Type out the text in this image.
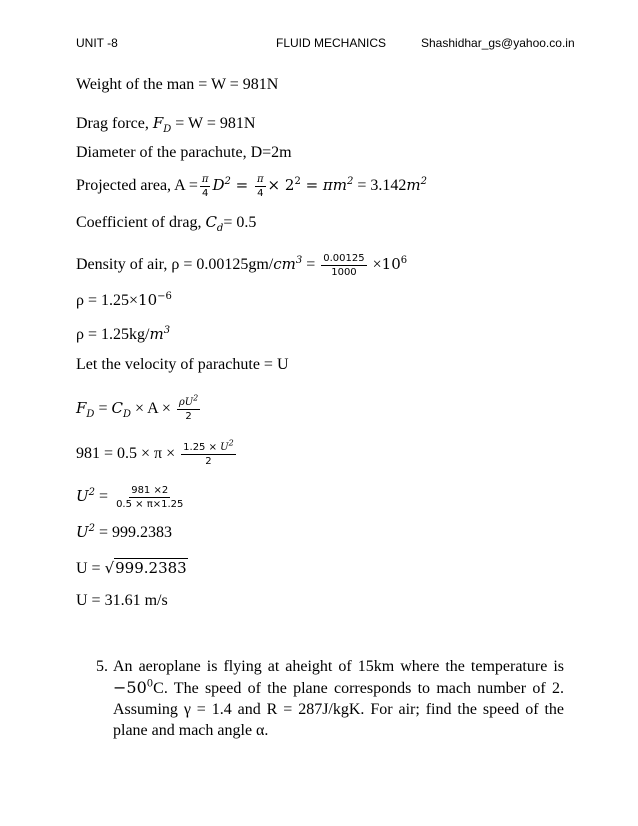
UNIT -8	FLUID MECHANICS	Shashidhar_gs@yahoo.co.in
Weight of the man = W = 981N
Drag force, $F_D = W = 981N$
Diameter of the parachute, D=2m
Projected area, $A = \frac{\pi}{4} D^2 = \frac{\pi}{4} \times 2^2 = \pi m^2 = 3.142m^2$
Coefficient of drag, $C_d= 0.5$
Density of air, $\rho = 0.00125gm/cm^3 = \frac{0.00125}{1000} \times 10^6$
$\rho = 1.25\times 10^{-6}$
$\rho = 1.25kg/m^3$
Let the velocity of parachute = U
$F_D = C_D \times A \times \frac{\rho U^2}{2}$
$981 = 0.5 \times \pi \times \frac{1.25 \times U^2}{2}$
$U^2 = \frac{981 \times 2}{0.5 \times \pi\times 1.25}$
$U^2 = 999.2383$
U = √999.2383
U = 31.61 m/s
5. An aeroplane is flying at aheight of 15km where the temperature is
$-50^0C$. The speed of the plane corresponds to mach number of 2.
Assuming γ = 1.4 and R = 287J/kgK. For air; find the speed of the
plane and mach angle α.
